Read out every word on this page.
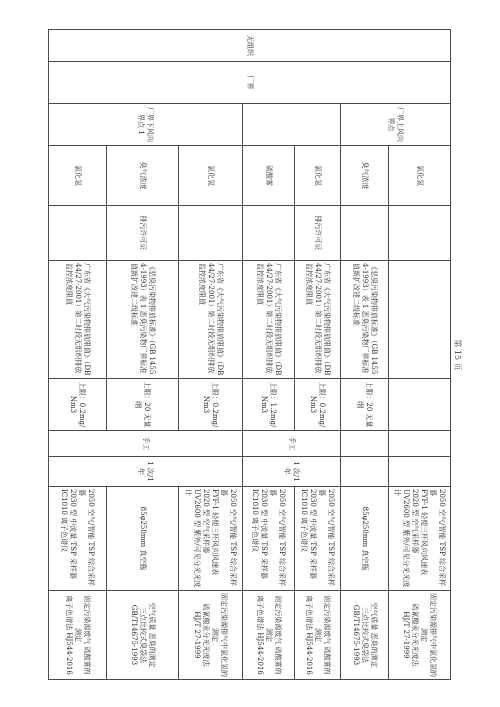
无组织	厂界	厂界上风向界点	氯化氢						2050 空气/智能 TSP 综合采样器
FYF-1 轻便三杯风向风速表
2020 型 空气采样器
UV2600 型 紫外/可见分光光度计	固定污染源排气中氯化氢的测定
硫氰酸汞分光光度法
HJ/T 27-1999

			臭气浓度		《恶臭污染物排放标准》（GB 14554-1993）表 1 恶臭污染物厂界标准值新扩改建二级标准	上限：20 无量纲			85φ250mm 真空瓶	空气质量 恶臭的测定
三点比较式臭袋法
GB/T14675-1993

			氯化氢	排污许可证	广东省《大气污染物排放限值》（DB44/27-2001）第二时段无组织排放监控浓度限值	上限：0.2mg/Nm3	手工	1 次/1 年	2050 空气/智能 TSP 综合采样器
2030 型 中流量 TSP 采样器
IC1010 离子色谱仪	固定污染源废气 硫酸雾的测定
离子色谱法 HJ544-2016

			硫酸雾		广东省《大气污染物排放限值》（DB44/27-2001）第二时段无组织排放监控浓度限值	上限：1.2mg/Nm3			2050 空气/智能 TSP 综合采样器
2030 型 中流量 TSP 采样器
IC1010 离子色谱仪	固定污染源废气 硫酸雾的测定
离子色谱法 HJ544-2016

		厂界下风向界点 1	氯化氢		广东省《大气污染物排放限值》（DB44/27-2001）第二时段无组织排放监控浓度限值	上限：0.2mg/Nm3	手工	1 次/1 年	2050 空气/智能 TSP 综合采样器
FYF-1 轻便三杯风向风速表
2020 型 空气采样器
UV2600 型 紫外/可见分光光度计	固定污染源排气中氯化氢的测定
硫氰酸汞分光光度法
HJ/T 27-1999

			臭气浓度	排污许可证	《恶臭污染物排放标准》（GB 14554-1993）表 1 恶臭污染物厂界标准值新扩改建二级标准	上限：20 无量纲			85φ250mm 真空瓶	空气质量 恶臭的测定
三点比较式臭袋法
GB/T14675-1993

			氯化氢		广东省《大气污染物排放限值》（DB44/27-2001）第二时段无组织排放监控浓度限值	上限：0.2mg/Nm3			2050 空气/智能 TSP 综合采样器
2030 型 中流量 TSP 采样器
IC1010 离子色谱仪	固定污染源废气 硫酸雾的测定
离子色谱法 HJ544-2016
第 15 页
